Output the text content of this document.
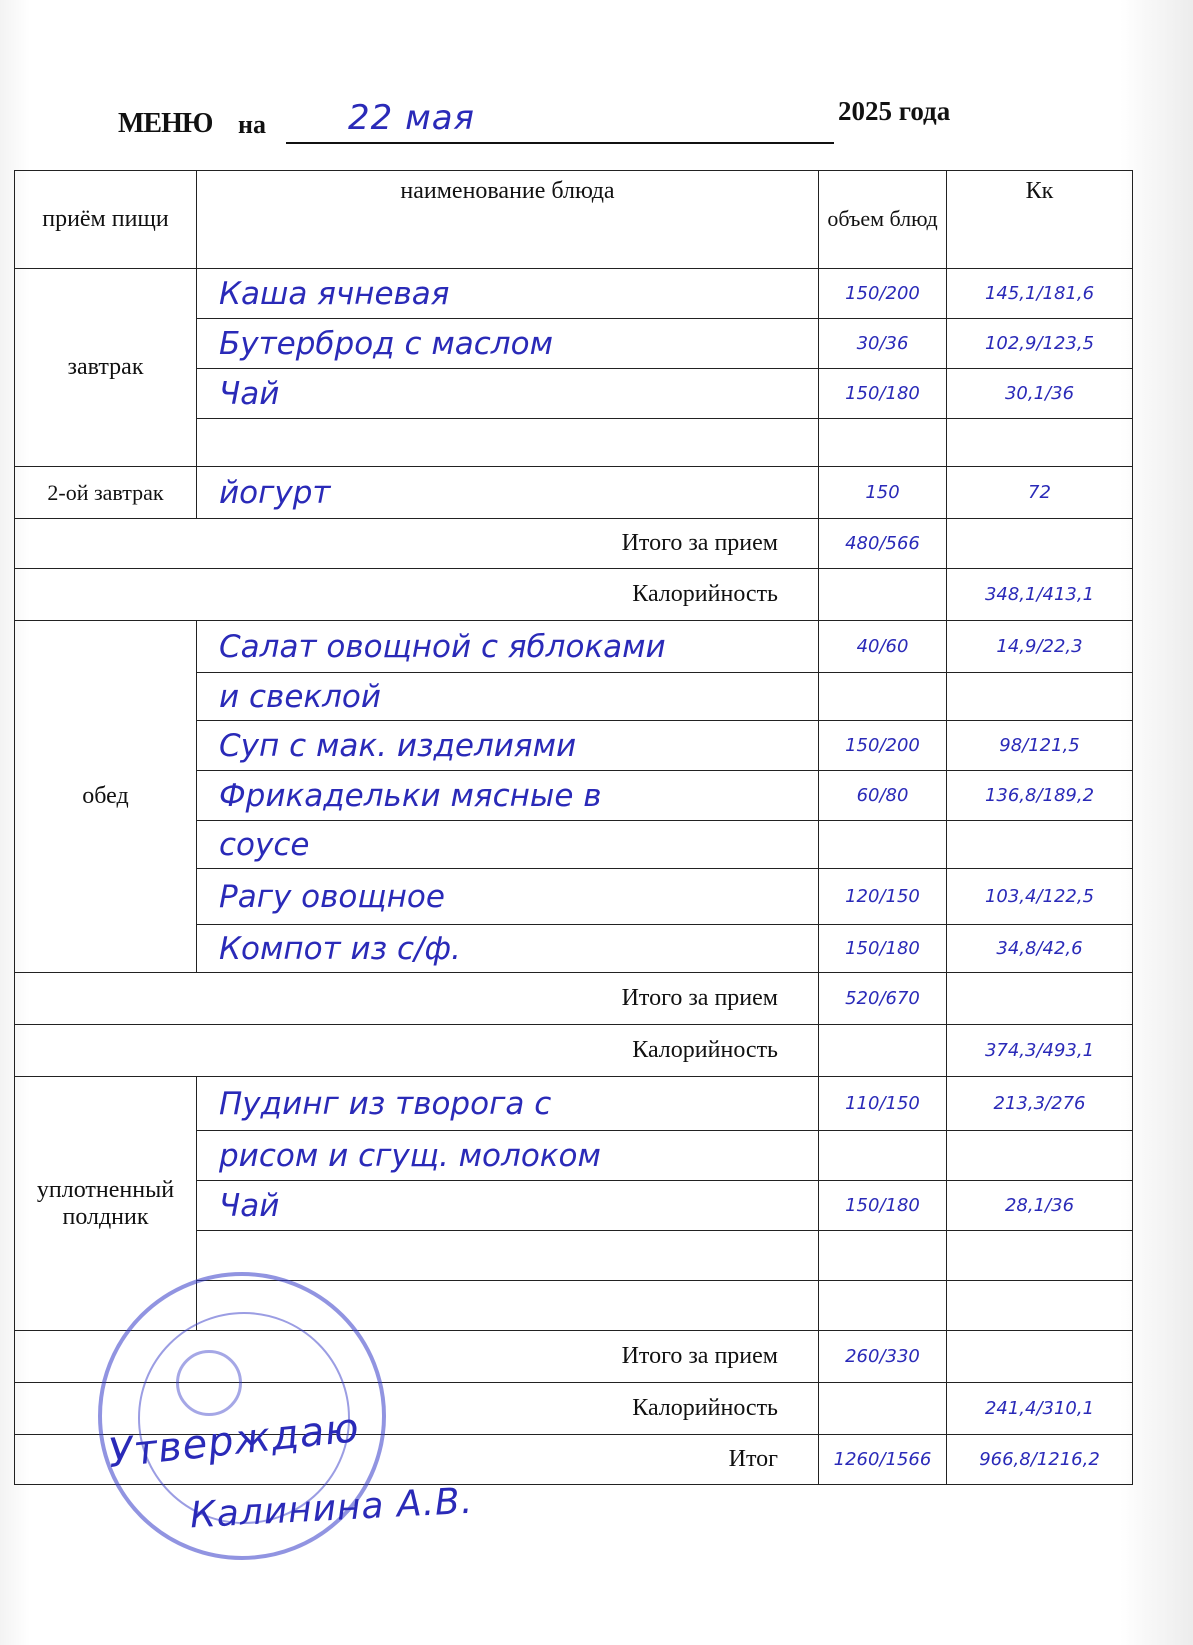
МЕНЮ на 22 мая	2025 года
приём пищи	наименование блюда	объем блюд	Кк
завтрак	Каша ячневая	150/200	145,1/181,6
	Бутерброд с маслом	30/36	102,9/123,5
	Чай	150/180	30,1/36

2-ой завтрак	йогурт	150	72
Итого за прием		480/566	
Калорийность			348,1/413,1
обед	Салат овощной с яблоками	40/60	14,9/22,3
	и свеклой		
	Суп с мак. изделиями	150/200	98/121,5
	Фрикадельки мясные в	60/80	136,8/189,2
	соусе		
	Рагу овощное	120/150	103,4/122,5
	Компот из с/ф.	150/180	34,8/42,6
Итого за прием		520/670	
Калорийность			374,3/493,1
уплотненный полдник	Пудинг из творога с	110/150	213,3/276
	рисом и сгущ. молоком		
	Чай	150/180	28,1/36

Итого за прием		260/330	
Калорийность			241,4/310,1
Итог		1260/1566	966,8/1216,2
Утверждаю
Калинина А.В.
